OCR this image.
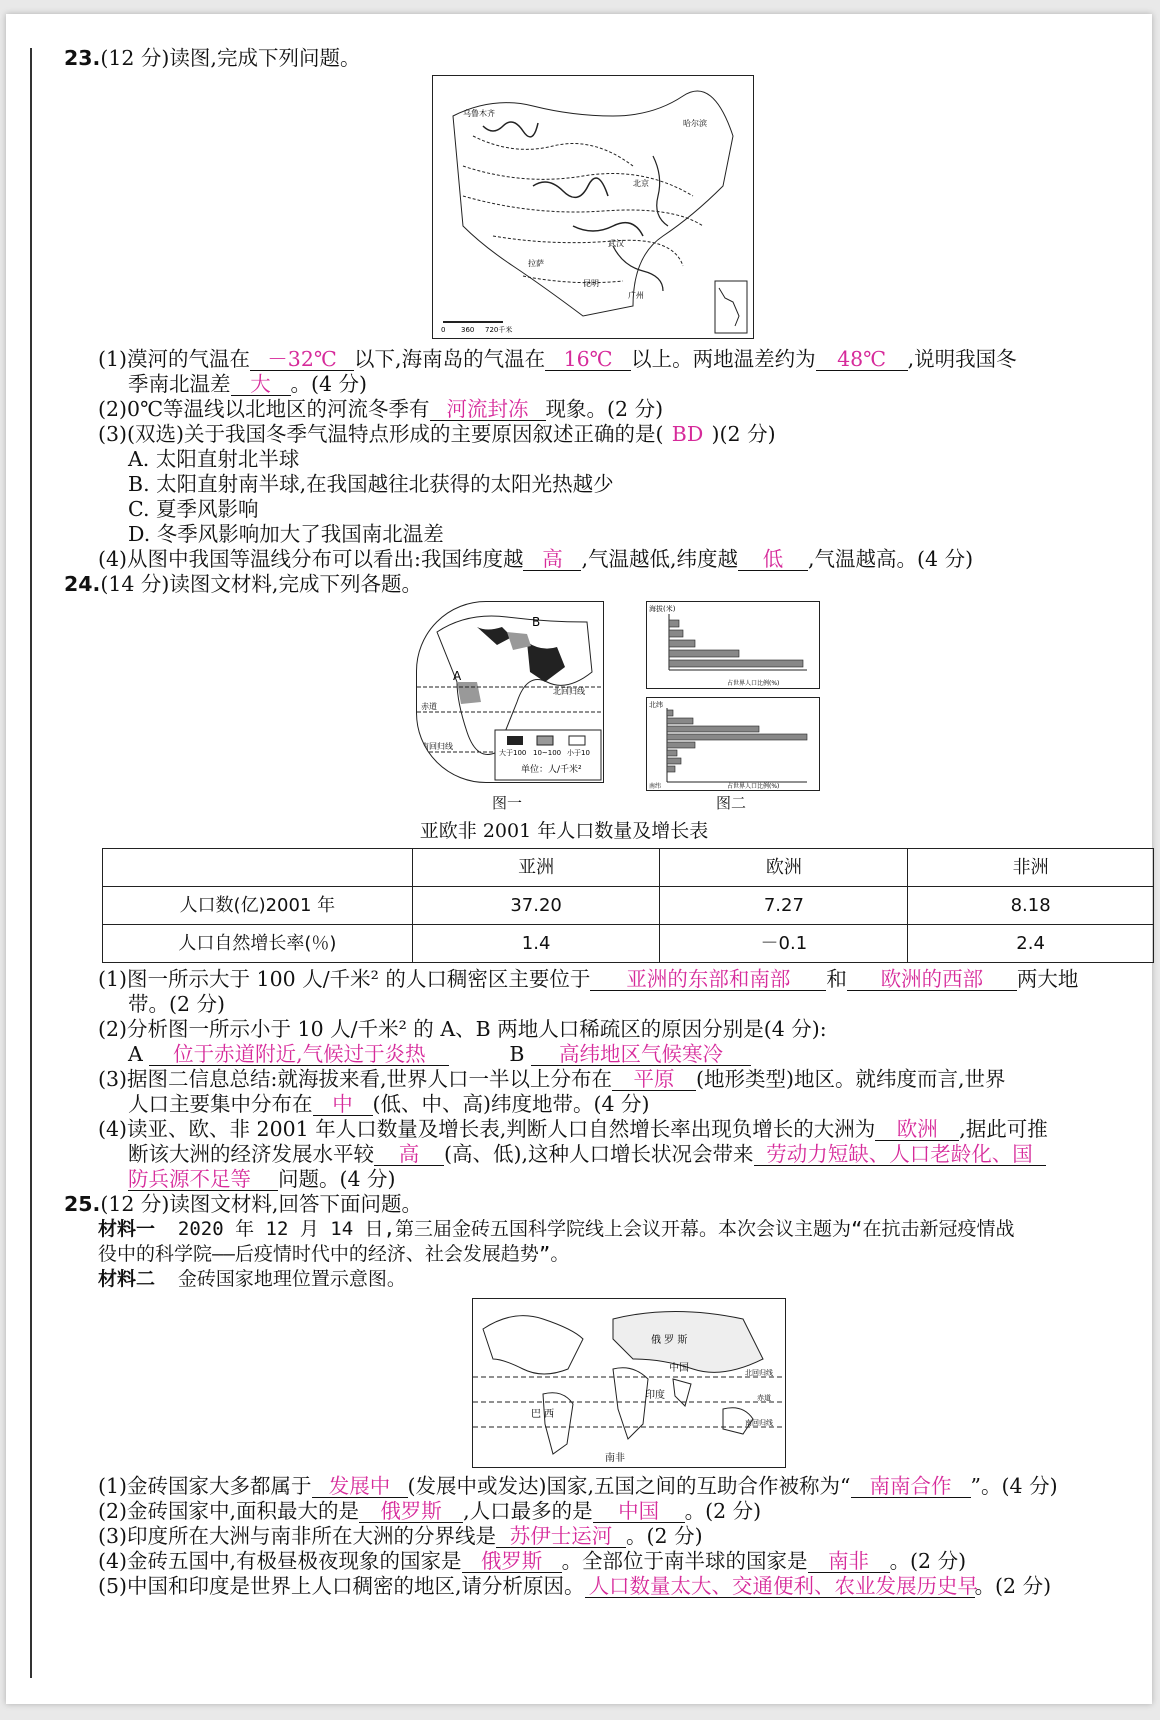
23.(12 分)读图,完成下列问题。
乌鲁木齐
哈尔滨
北京
拉萨
武汉
昆明
广州
0 360 720千米
(1)漠河的气温在 －32℃ 以下,海南岛的气温在 16℃ 以上。两地温差约为 48℃ ,说明我国冬
季南北温差 大 。(4 分)
(2)0℃等温线以北地区的河流冬季有 河流封冻 现象。(2 分)
(3)(双选)关于我国冬季气温特点形成的主要原因叙述正确的是( BD )(2 分)
A. 太阳直射北半球
B. 太阳直射南半球,在我国越往北获得的太阳光热越少
C. 夏季风影响
D. 冬季风影响加大了我国南北温差
(4)从图中我国等温线分布可以看出:我国纬度越 高 ,气温越低,纬度越 低 ,气温越高。(4 分)
24.(14 分)读图文材料,完成下列各题。
A
B
北回归线
赤道
南回归线
大于100 10~100 小于10
单位：人/千米²
图一
海拔(米)
占世界人口比例(%)
北纬
南纬	占世界人口比例(%)
图二
亚欧非 2001 年人口数量及增长表
	亚洲	欧洲	非洲
人口数(亿)2001 年	37.20	7.27	8.18
人口自然增长率(％)	1.4	－0.1	2.4
(1)图一所示大于 100 人/千米² 的人口稠密区主要位于 亚洲的东部和南部 和 欧洲的西部 两大地
带。(2 分)
(2)分析图一所示小于 10 人/千米² 的 A、B 两地人口稀疏区的原因分别是(4 分):
A 位于赤道附近,气候过于炎热	B 高纬地区气候寒冷
(3)据图二信息总结:就海拔来看,世界人口一半以上分布在 平原 (地形类型)地区。就纬度而言,世界
人口主要集中分布在 中 (低、中、高)纬度地带。(4 分)
(4)读亚、欧、非 2001 年人口数量及增长表,判断人口自然增长率出现负增长的大洲为 欧洲 ,据此可推
断该大洲的经济发展水平较 高 (高、低),这种人口增长状况会带来 劳动力短缺、人口老龄化、国
防兵源不足等 问题。(4 分)
25.(12 分)读图文材料,回答下面问题。
材料一 2020 年 12 月 14 日,第三届金砖五国科学院线上会议开幕。本次会议主题为“在抗击新冠疫情战
役中的科学院——后疫情时代中的经济、社会发展趋势”。
材料二 金砖国家地理位置示意图。
俄 罗 斯
中国
印度
巴 西
南非
北回归线
赤道
南回归线
(1)金砖国家大多都属于 发展中 (发展中或发达)国家,五国之间的互助合作被称为“ 南南合作 ”。(4 分)
(2)金砖国家中,面积最大的是 俄罗斯 ,人口最多的是 中国 。(2 分)
(3)印度所在大洲与南非所在大洲的分界线是 苏伊士运河 。(2 分)
(4)金砖五国中,有极昼极夜现象的国家是 俄罗斯 。全部位于南半球的国家是 南非 。(2 分)
(5)中国和印度是世界上人口稠密的地区,请分析原因。 人口数量太大、交通便利、农业发展历史早。(2 分)
